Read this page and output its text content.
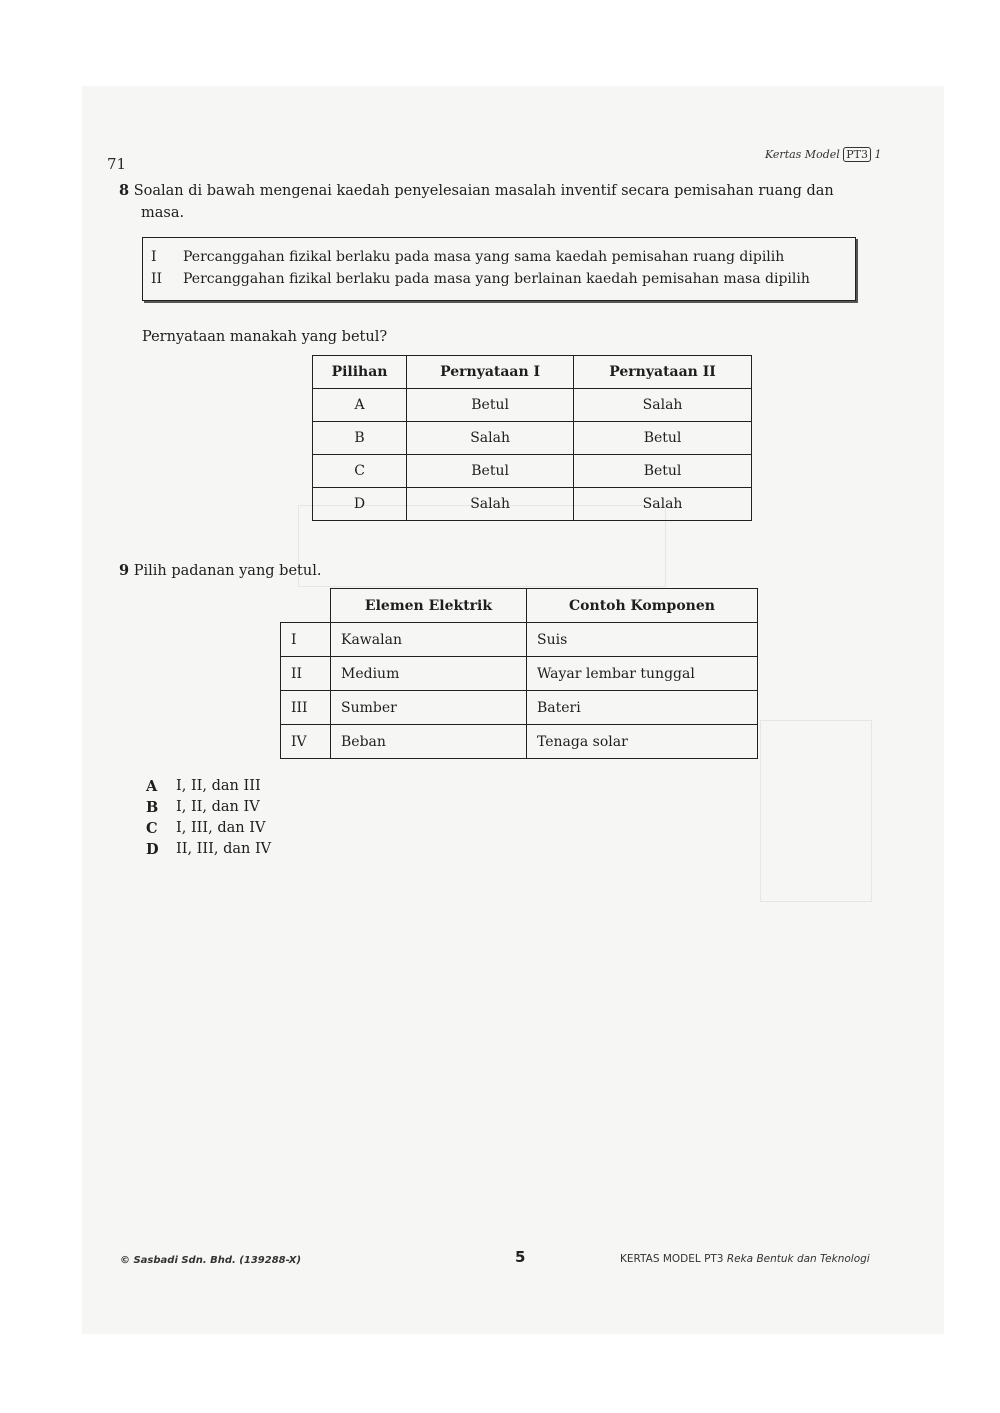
71
Kertas Model PT3 1
8 Soalan di bawah mengenai kaedah penyelesaian masalah inventif secara pemisahan ruang dan
masa.
I	Percanggahan fizikal berlaku pada masa yang sama kaedah pemisahan ruang dipilih
II	Percanggahan fizikal berlaku pada masa yang berlainan kaedah pemisahan masa dipilih
Pernyataan manakah yang betul?
Pilihan	Pernyataan I	Pernyataan II
A	Betul	Salah
B	Salah	Betul
C	Betul	Betul
D	Salah	Salah
9 Pilih padanan yang betul.
	Elemen Elektrik	Contoh Komponen
I	Kawalan	Suis
II	Medium	Wayar lembar tunggal
III	Sumber	Bateri
IV	Beban	Tenaga solar
A	I, II, dan III
B	I, II, dan IV
C	I, III, dan IV
D	II, III, dan IV
© Sasbadi Sdn. Bhd. (139288-X)	5	KERTAS MODEL PT3 Reka Bentuk dan Teknologi
